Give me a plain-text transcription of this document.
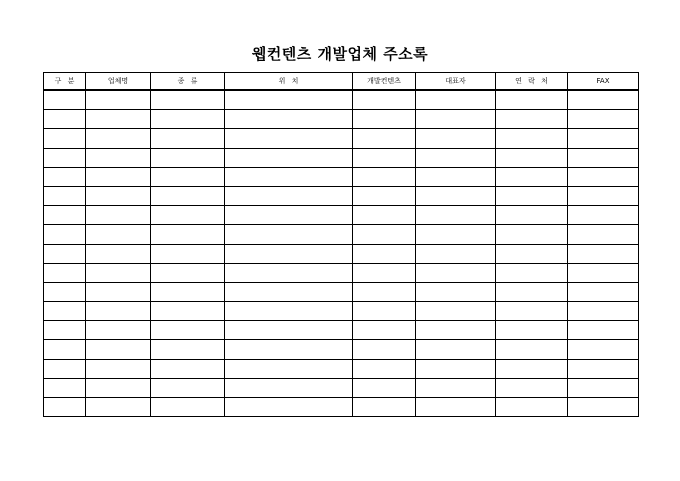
웹컨텐츠 개발업체 주소록
구 분	업체명	종 류	위 치	개발컨텐츠	대표자	연 락 처	FAX
